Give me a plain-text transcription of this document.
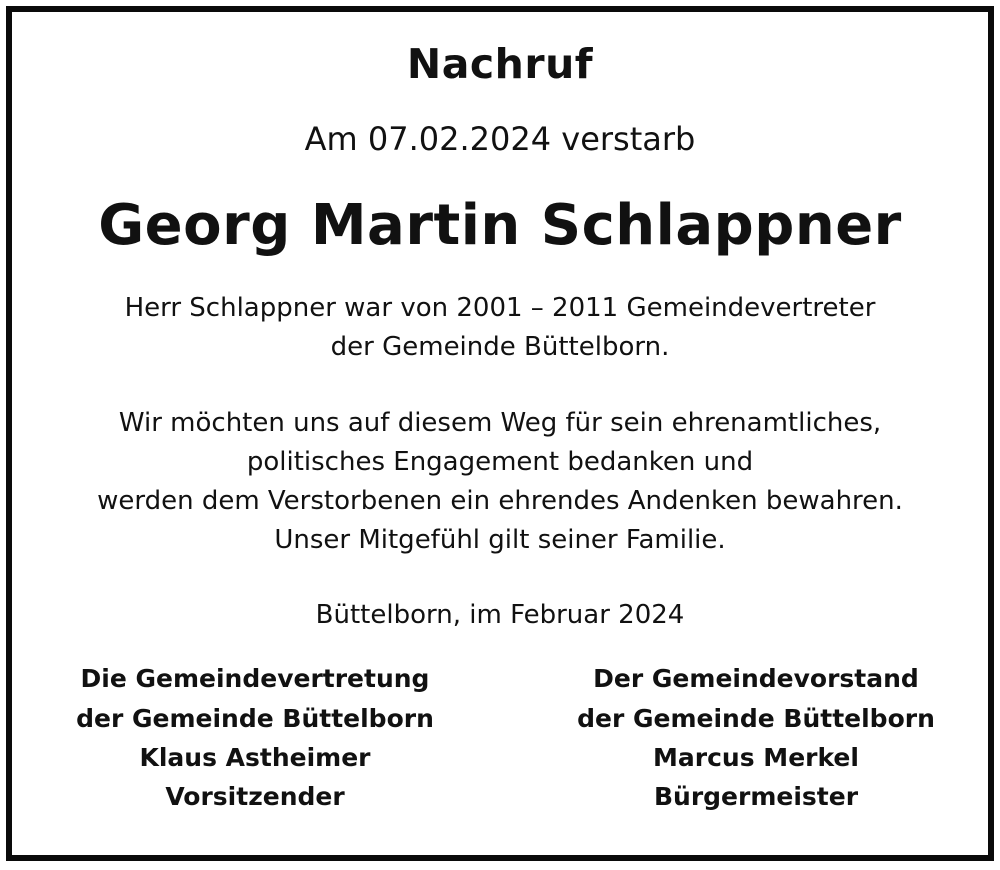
Nachruf
Am 07.02.2024 verstarb
Georg Martin Schlappner
Herr Schlappner war von 2001 – 2011 Gemeindevertreter
der Gemeinde Büttelborn.
Wir möchten uns auf diesem Weg für sein ehrenamtliches,
politisches Engagement bedanken und
werden dem Verstorbenen ein ehrendes Andenken bewahren.
Unser Mitgefühl gilt seiner Familie.
Büttelborn, im Februar 2024
Die Gemeindevertretung
der Gemeinde Büttelborn
Klaus Astheimer
Vorsitzender
Der Gemeindevorstand
der Gemeinde Büttelborn
Marcus Merkel
Bürgermeister
